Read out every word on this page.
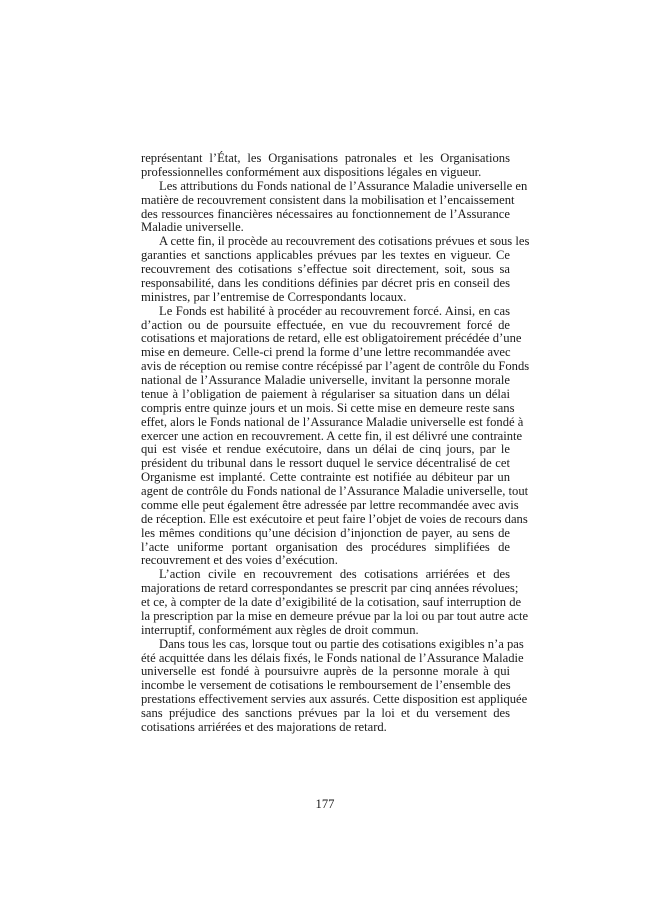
représentant l’État, les Organisations patronales et les Organisations
professionnelles conformément aux dispositions légales en vigueur.
Les attributions du Fonds national de l’Assurance Maladie universelle en
matière de recouvrement consistent dans la mobilisation et l’encaissement
des ressources financières nécessaires au fonctionnement de l’Assurance
Maladie universelle.
A cette fin, il procède au recouvrement des cotisations prévues et sous les
garanties et sanctions applicables prévues par les textes en vigueur. Ce
recouvrement des cotisations s’effectue soit directement, soit, sous sa
responsabilité, dans les conditions définies par décret pris en conseil des
ministres, par l’entremise de Correspondants locaux.
Le Fonds est habilité à procéder au recouvrement forcé. Ainsi, en cas
d’action ou de poursuite effectuée, en vue du recouvrement forcé de
cotisations et majorations de retard, elle est obligatoirement précédée d’une
mise en demeure. Celle-ci prend la forme d’une lettre recommandée avec
avis de réception ou remise contre récépissé par l’agent de contrôle du Fonds
national de l’Assurance Maladie universelle, invitant la personne morale
tenue à l’obligation de paiement à régulariser sa situation dans un délai
compris entre quinze jours et un mois. Si cette mise en demeure reste sans
effet, alors le Fonds national de l’Assurance Maladie universelle est fondé à
exercer une action en recouvrement. A cette fin, il est délivré une contrainte
qui est visée et rendue exécutoire, dans un délai de cinq jours, par le
président du tribunal dans le ressort duquel le service décentralisé de cet
Organisme est implanté. Cette contrainte est notifiée au débiteur par un
agent de contrôle du Fonds national de l’Assurance Maladie universelle, tout
comme elle peut également être adressée par lettre recommandée avec avis
de réception. Elle est exécutoire et peut faire l’objet de voies de recours dans
les mêmes conditions qu’une décision d’injonction de payer, au sens de
l’acte uniforme portant organisation des procédures simplifiées de
recouvrement et des voies d’exécution.
L’action civile en recouvrement des cotisations arriérées et des
majorations de retard correspondantes se prescrit par cinq années révolues;
et ce, à compter de la date d’exigibilité de la cotisation, sauf interruption de
la prescription par la mise en demeure prévue par la loi ou par tout autre acte
interruptif, conformément aux règles de droit commun.
Dans tous les cas, lorsque tout ou partie des cotisations exigibles n’a pas
été acquittée dans les délais fixés, le Fonds national de l’Assurance Maladie
universelle est fondé à poursuivre auprès de la personne morale à qui
incombe le versement de cotisations le remboursement de l’ensemble des
prestations effectivement servies aux assurés. Cette disposition est appliquée
sans préjudice des sanctions prévues par la loi et du versement des
cotisations arriérées et des majorations de retard.
177
